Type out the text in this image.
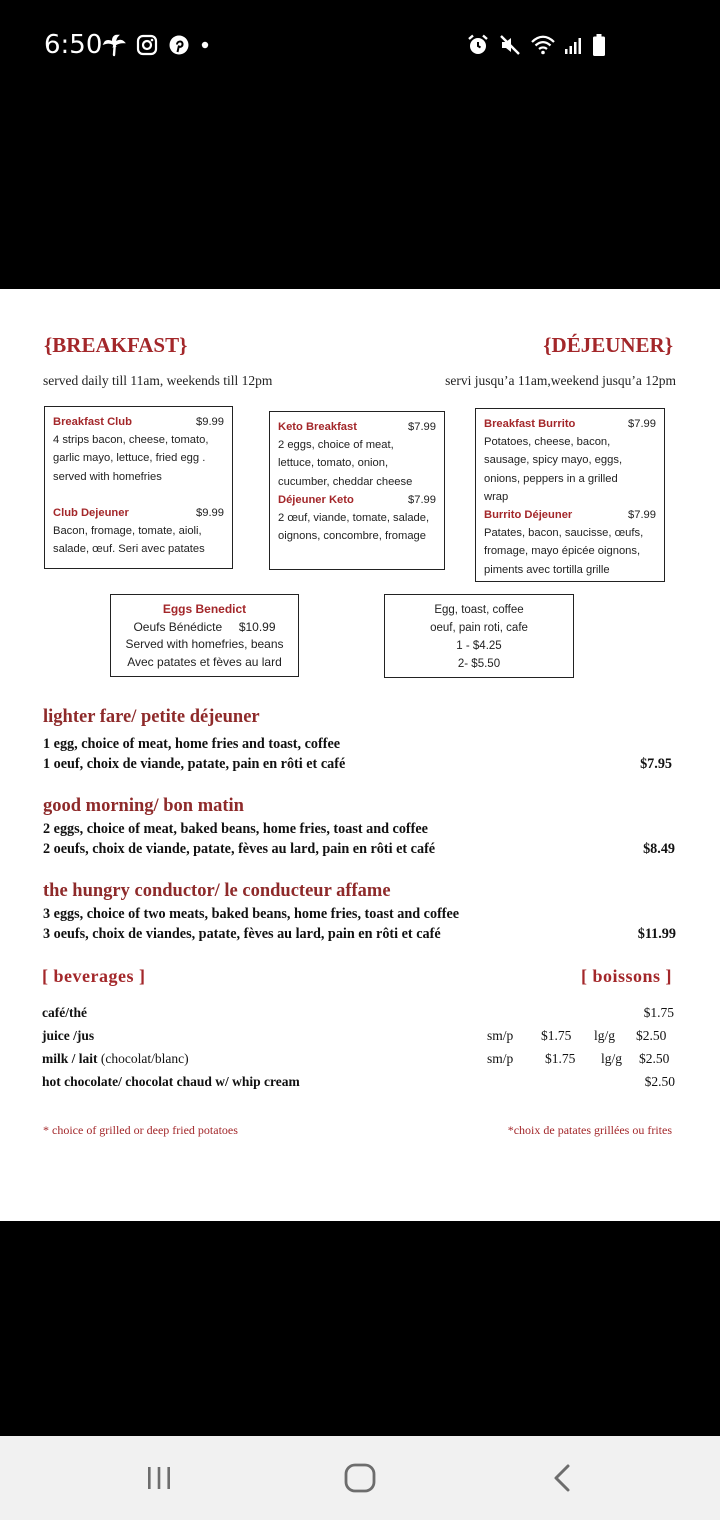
6:50
{BREAKFAST}	{DÉJEUNER}
served daily till 11am, weekends till 12pm	servi jusqu’a 11am,weekend jusqu’a 12pm
Breakfast Club	$9.99
4 strips bacon, cheese, tomato,
garlic mayo, lettuce, fried egg .
served with homefries
Club Dejeuner	$9.99
Bacon, fromage, tomate, aioli,
salade, œuf. Seri avec patates
Keto Breakfast	$7.99
2 eggs, choice of meat,
lettuce, tomato, onion,
cucumber, cheddar cheese
Déjeuner Keto	$7.99
2 œuf, viande, tomate, salade,
oignons, concombre, fromage
Breakfast Burrito	$7.99
Potatoes, cheese, bacon,
sausage, spicy mayo, eggs,
onions, peppers in a grilled
wrap
Burrito Déjeuner	$7.99
Patates, bacon, saucisse, œufs,
fromage, mayo épicée oignons,
piments avec tortilla grille
Eggs Benedict
Oeufs Bénédicte     $10.99
Served with homefries, beans
Avec patates et fèves au lard
Egg, toast, coffee
oeuf, pain roti, cafe
1 - $4.25
2- $5.50
lighter fare/ petite déjeuner
1 egg, choice of meat, home fries and toast, coffee
1 oeuf, choix de viande, patate, pain en rôti et café	$7.95
good morning/ bon matin
2 eggs, choice of meat, baked beans, home fries, toast and coffee
2 oeufs, choix de viande, patate, fèves au lard, pain en rôti et café	$8.49
the hungry conductor/ le conducteur affame
3 eggs, choice of two meats, baked beans, home fries, toast and coffee
3 oeufs, choix de viandes, patate, fèves au lard, pain en rôti et café	$11.99
[ beverages ]	[ boissons ]
café/thé	$1.75
juice /jus	sm/p $1.75 lg/g $2.50
milk / lait (chocolat/blanc)	sm/p $1.75 lg/g $2.50
hot chocolate/ chocolat chaud w/ whip cream	$2.50
* choice of grilled or deep fried potatoes	*choix de patates grillées ou frites
